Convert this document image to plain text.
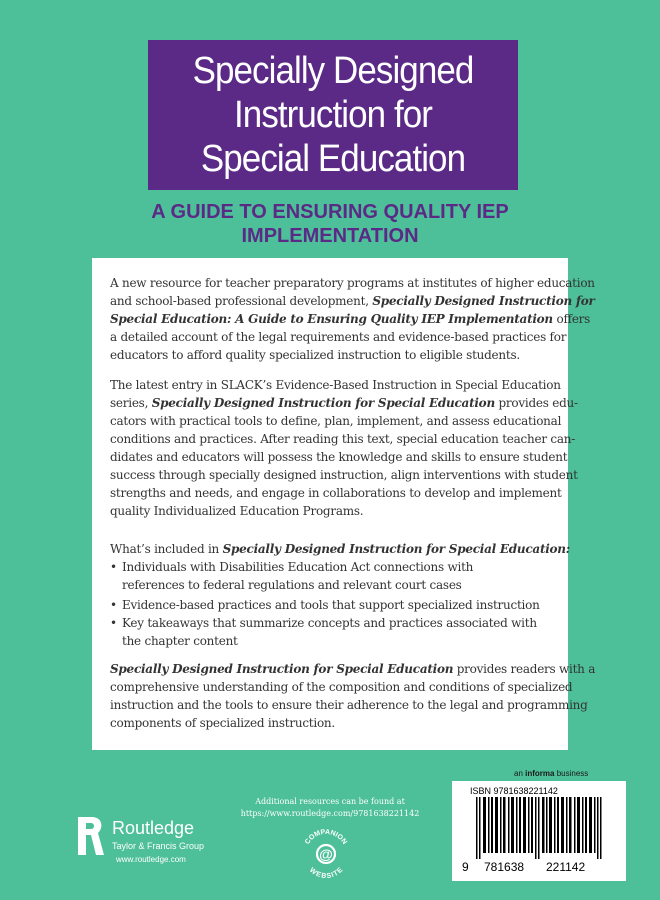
Specially Designed
Instruction for
Special Education
A GUIDE TO ENSURING QUALITY IEP
IMPLEMENTATION
A new resource for teacher preparatory programs at institutes of higher education
and school-based professional development, Specially Designed Instruction for
Special Education: A Guide to Ensuring Quality IEP Implementation offers
a detailed account of the legal requirements and evidence-based practices for
educators to afford quality specialized instruction to eligible students.
The latest entry in SLACK’s Evidence-Based Instruction in Special Education
series, Specially Designed Instruction for Special Education provides edu-
cators with practical tools to define, plan, implement, and assess educational
conditions and practices. After reading this text, special education teacher can-
didates and educators will possess the knowledge and skills to ensure student
success through specially designed instruction, align interventions with student
strengths and needs, and engage in collaborations to develop and implement
quality Individualized Education Programs.
What’s included in Specially Designed Instruction for Special Education:
• Individuals with Disabilities Education Act connections with
references to federal regulations and relevant court cases
• Evidence-based practices and tools that support specialized instruction
• Key takeaways that summarize concepts and practices associated with
the chapter content
Specially Designed Instruction for Special Education provides readers with a
comprehensive understanding of the composition and conditions of specialized
instruction and the tools to ensure their adherence to the legal and programming
components of specialized instruction.
an informa business
ISBN 9781638221142
9 781638 221142
Additional resources can be found at
https://www.routledge.com/9781638221142
Routledge
Taylor & Francis Group
www.routledge.com
COMPANION
@
WEBSITE
